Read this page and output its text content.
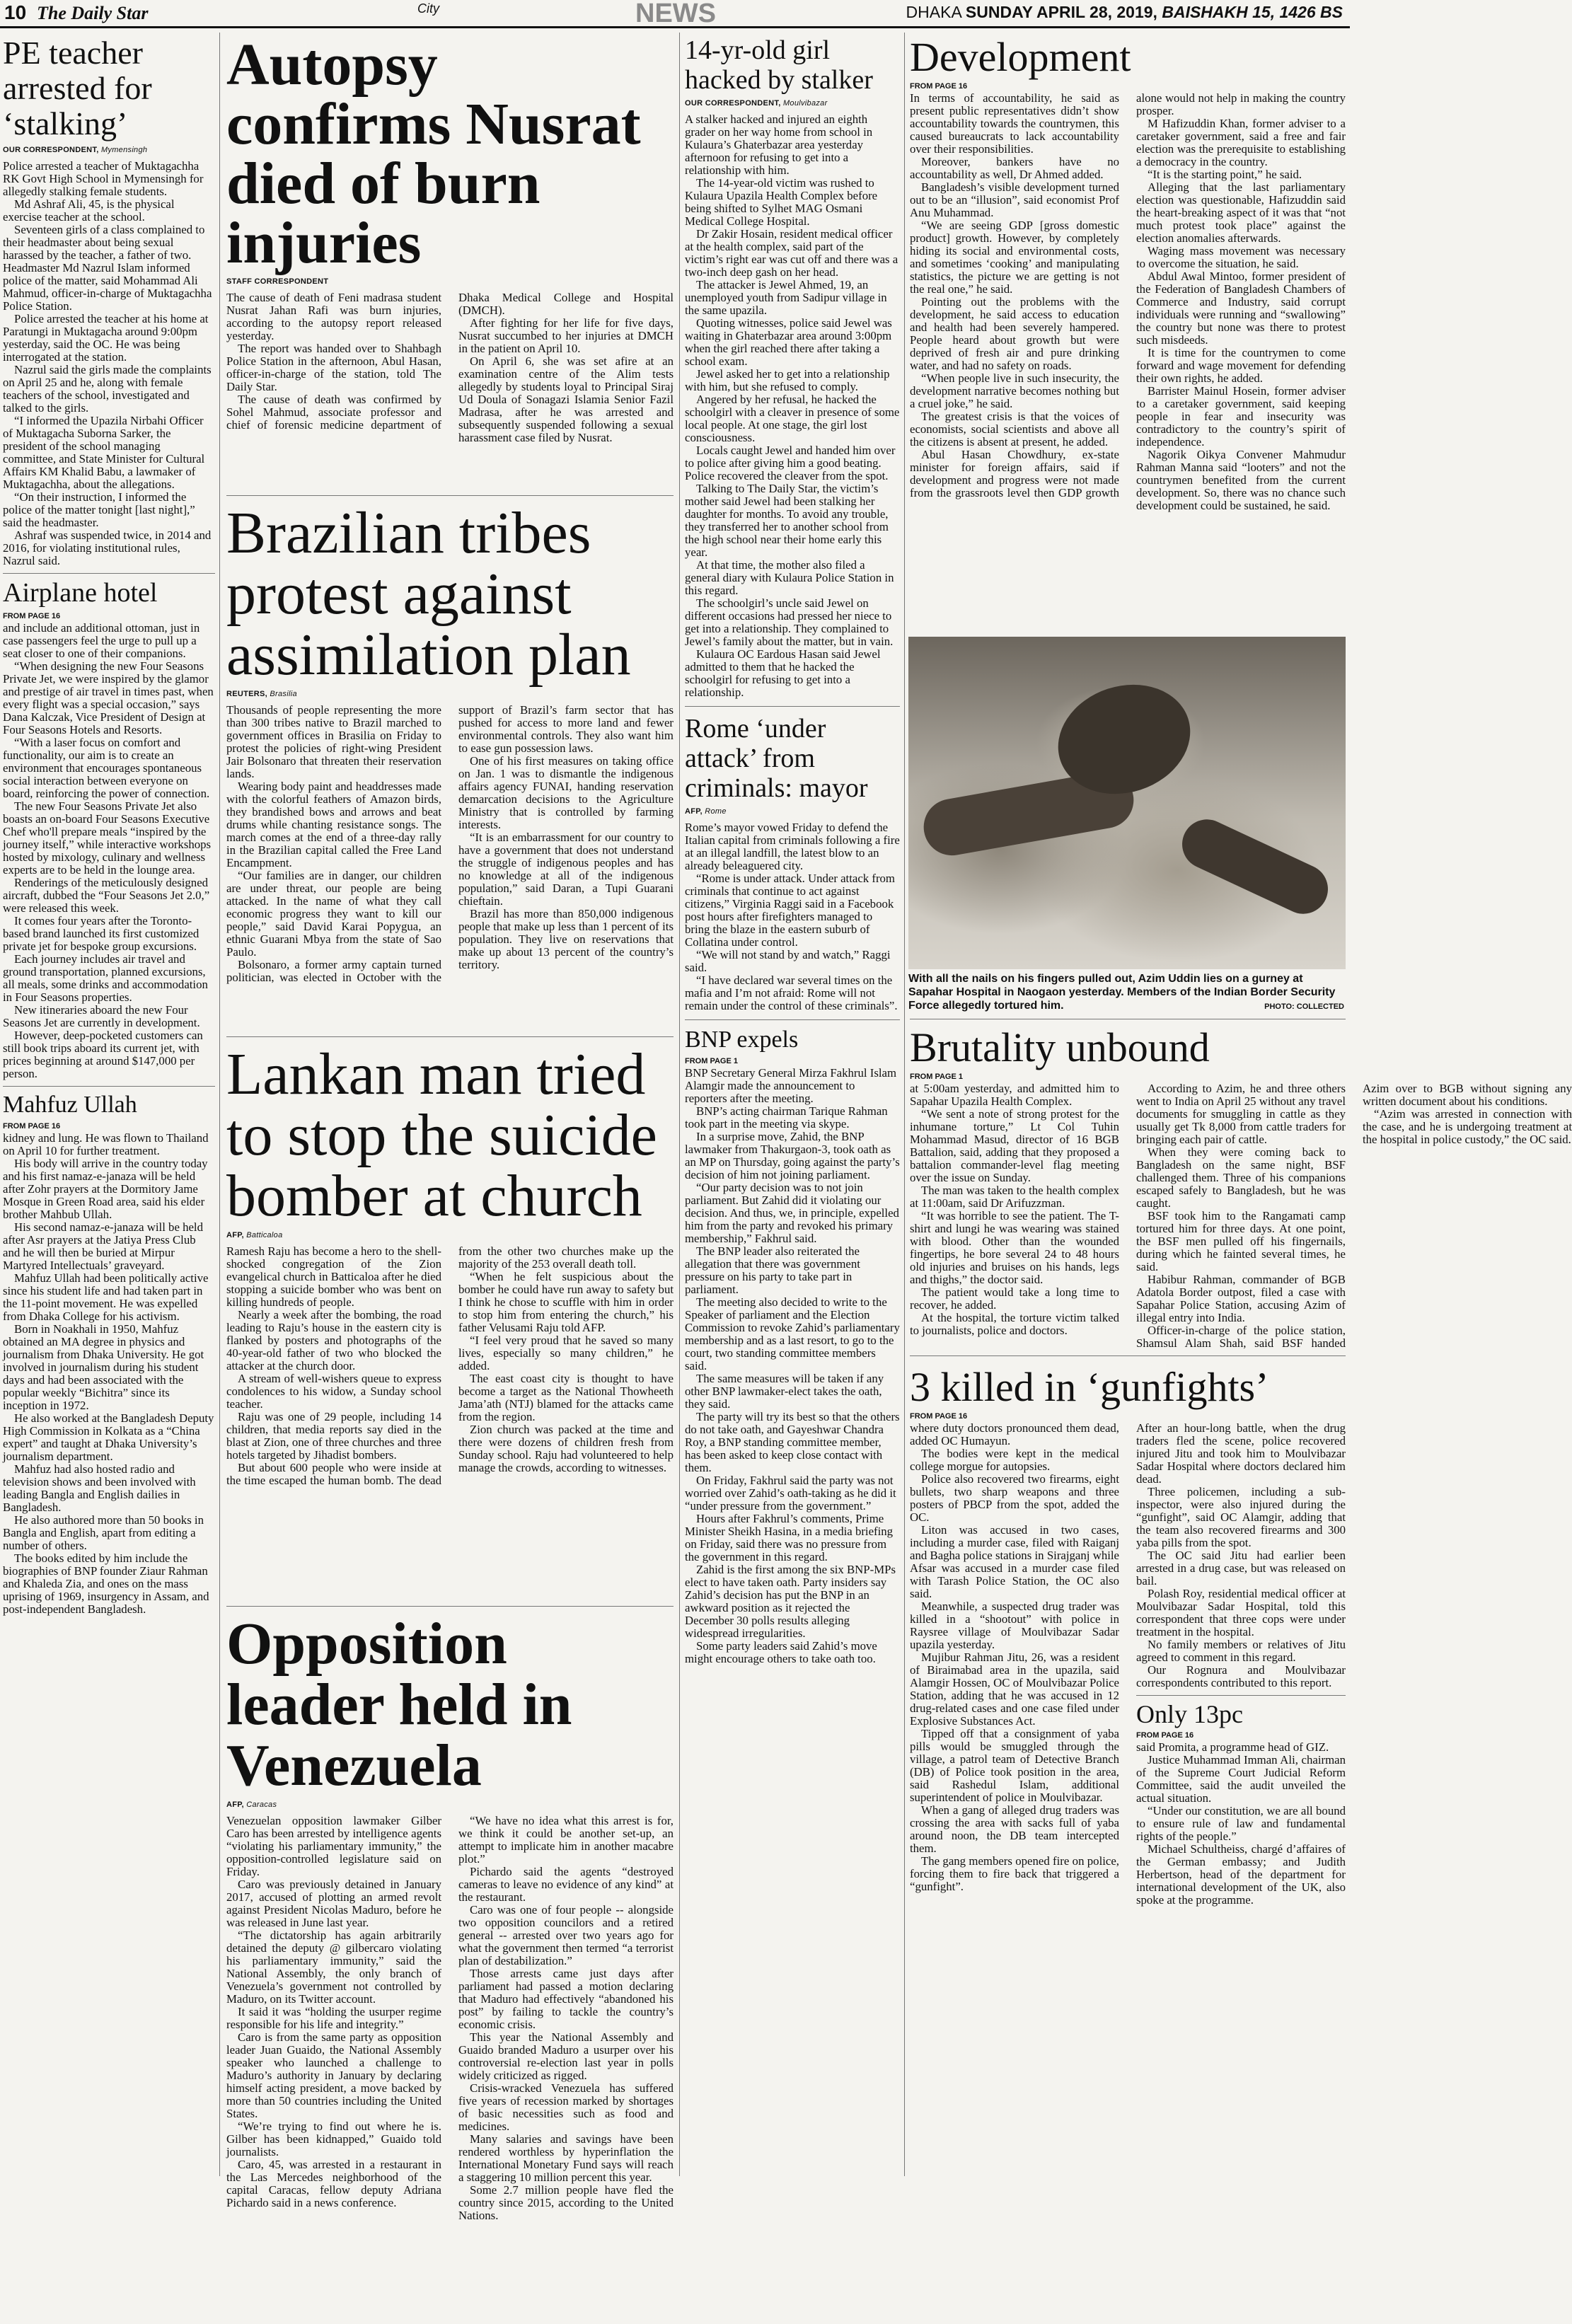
10 The Daily Star	City	NEWS	DHAKA SUNDAY APRIL 28, 2019, BAISHAKH 15, 1426 BS
PE teacher arrested for ‘stalking’
OUR CORRESPONDENT, Mymensingh

Police arrested a teacher of Muktagachha RK Govt High School in Mymensingh for allegedly stalking female students.

Md Ashraf Ali, 45, is the physical exercise teacher at the school.

Seventeen girls of a class complained to their headmaster about being sexual harassed by the teacher, a father of two. Headmaster Md Nazrul Islam informed police of the matter, said Mohammad Ali Mahmud, officer-in-charge of Muktagachha Police Station.

Police arrested the teacher at his home at Paratungi in Muktagacha around 9:00pm yesterday, said the OC. He was being interrogated at the station.

Nazrul said the girls made the complaints on April 25 and he, along with female teachers of the school, investigated and talked to the girls.

“I informed the Upazila Nirbahi Officer of Muktagacha Suborna Sarker, the president of the school managing committee, and State Minister for Cultural Affairs KM Khalid Babu, a lawmaker of Muktagachha, about the allegations.

“On their instruction, I informed the police of the matter tonight [last night],” said the headmaster.

Ashraf was suspended twice, in 2014 and 2016, for violating institutional rules, Nazrul said.

Airplane hotel
FROM PAGE 16

and include an additional ottoman, just in case passengers feel the urge to pull up a seat closer to one of their companions.

“When designing the new Four Seasons Private Jet, we were inspired by the glamor and prestige of air travel in times past, when every flight was a special occasion,” says Dana Kalczak, Vice President of Design at Four Seasons Hotels and Resorts.

“With a laser focus on comfort and functionality, our aim is to create an environment that encourages spontaneous social interaction between everyone on board, reinforcing the power of connection.

The new Four Seasons Private Jet also boasts an on-board Four Seasons Executive Chef who'll prepare meals “inspired by the journey itself,” while interactive workshops hosted by mixology, culinary and wellness experts are to be held in the lounge area.

Renderings of the meticulously designed aircraft, dubbed the “Four Seasons Jet 2.0,” were released this week.

It comes four years after the Toronto-based brand launched its first customized private jet for bespoke group excursions.

Each journey includes air travel and ground transportation, planned excursions, all meals, some drinks and accommodation in Four Seasons properties.

New itineraries aboard the new Four Seasons Jet are currently in development.

However, deep-pocketed customers can still book trips aboard its current jet, with prices beginning at around $147,000 per person.

Mahfuz Ullah
FROM PAGE 16

kidney and lung. He was flown to Thailand on April 10 for further treatment.

His body will arrive in the country today and his first namaz-e-janaza will be held after Zohr prayers at the Dormitory Jame Mosque in Green Road area, said his elder brother Mahbub Ullah.

His second namaz-e-janaza will be held after Asr prayers at the Jatiya Press Club and he will then be buried at Mirpur Martyred Intellectuals’ graveyard.

Mahfuz Ullah had been politically active since his student life and had taken part in the 11-point movement. He was expelled from Dhaka College for his activism.

Born in Noakhali in 1950, Mahfuz obtained an MA degree in physics and journalism from Dhaka University. He got involved in journalism during his student days and had been associated with the popular weekly “Bichitra” since its inception in 1972.

He also worked at the Bangladesh Deputy High Commission in Kolkata as a “China expert” and taught at Dhaka University’s journalism department.

Mahfuz had also hosted radio and television shows and been involved with leading Bangla and English dailies in Bangladesh.

He also authored more than 50 books in Bangla and English, apart from editing a number of others.

The books edited by him include the biographies of BNP founder Ziaur Rahman and Khaleda Zia, and ones on the mass uprising of 1969, insurgency in Assam, and post-independent Bangladesh.

Autopsy confirms Nusrat died of burn injuries
STAFF CORRESPONDENT

The cause of death of Feni madrasa student Nusrat Jahan Rafi was burn injuries, according to the autopsy report released yesterday.

The report was handed over to Shahbagh Police Station in the afternoon, Abul Hasan, officer-in-charge of the station, told The Daily Star.

The cause of death was confirmed by Sohel Mahmud, associate professor and chief of forensic medicine department of Dhaka Medical College and Hospital (DMCH).

After fighting for her life for five days, Nusrat succumbed to her injuries at DMCH in the patient on April 10.

On April 6, she was set afire at an examination centre of the Alim tests allegedly by students loyal to Principal Siraj Ud Doula of Sonagazi Islamia Senior Fazil Madrasa, after he was arrested and subsequently suspended following a sexual harassment case filed by Nusrat.

Brazilian tribes protest against assimilation plan
REUTERS, Brasilia

Thousands of people representing the more than 300 tribes native to Brazil marched to government offices in Brasilia on Friday to protest the policies of right-wing President Jair Bolsonaro that threaten their reservation lands.

Wearing body paint and headdresses made with the colorful feathers of Amazon birds, they brandished bows and arrows and beat drums while chanting resistance songs. The march comes at the end of a three-day rally in the Brazilian capital called the Free Land Encampment.

“Our families are in danger, our children are under threat, our people are being attacked. In the name of what they call economic progress they want to kill our people,” said David Karai Popygua, an ethnic Guarani Mbya from the state of Sao Paulo.

Bolsonaro, a former army captain turned politician, was elected in October with the support of Brazil’s farm sector that has pushed for access to more land and fewer environmental controls. They also want him to ease gun possession laws.

One of his first measures on taking office on Jan. 1 was to dismantle the indigenous affairs agency FUNAI, handing reservation demarcation decisions to the Agriculture Ministry that is controlled by farming interests.

“It is an embarrassment for our country to have a government that does not understand the struggle of indigenous peoples and has no knowledge at all of the indigenous population,” said Daran, a Tupi Guarani chieftain.

Brazil has more than 850,000 indigenous people that make up less than 1 percent of its population. They live on reservations that make up about 13 percent of the country’s territory.

Lankan man tried to stop the suicide bomber at church
AFP, Batticaloa

Ramesh Raju has become a hero to the shell-shocked congregation of the Zion evangelical church in Batticaloa after he died stopping a suicide bomber who was bent on killing hundreds of people.

Nearly a week after the bombing, the road leading to Raju’s house in the eastern city is flanked by posters and photographs of the 40-year-old father of two who blocked the attacker at the church door.

A stream of well-wishers queue to express condolences to his widow, a Sunday school teacher.

Raju was one of 29 people, including 14 children, that media reports say died in the blast at Zion, one of three churches and three hotels targeted by Jihadist bombers.

But about 600 people who were inside at the time escaped the human bomb. The dead from the other two churches make up the majority of the 253 overall death toll.

“When he felt suspicious about the bomber he could have run away to safety but I think he chose to scuffle with him in order to stop him from entering the church,” his father Velusami Raju told AFP.

“I feel very proud that he saved so many lives, especially so many children,” he added.

The east coast city is thought to have become a target as the National Thowheeth Jama’ath (NTJ) blamed for the attacks came from the region.

Zion church was packed at the time and there were dozens of children fresh from Sunday school. Raju had volunteered to help manage the crowds, according to witnesses.

Opposition leader held in Venezuela
AFP, Caracas

Venezuelan opposition lawmaker Gilber Caro has been arrested by intelligence agents “violating his parliamentary immunity,” the opposition-controlled legislature said on Friday.

Caro was previously detained in January 2017, accused of plotting an armed revolt against President Nicolas Maduro, before he was released in June last year.

“The dictatorship has again arbitrarily detained the deputy @ gilbercaro violating his parliamentary immunity,” said the National Assembly, the only branch of Venezuela’s government not controlled by Maduro, on its Twitter account.

It said it was “holding the usurper regime responsible for his life and integrity.”

Caro is from the same party as opposition leader Juan Guaido, the National Assembly speaker who launched a challenge to Maduro’s authority in January by declaring himself acting president, a move backed by more than 50 countries including the United States.

“We’re trying to find out where he is. Gilber has been kidnapped,” Guaido told journalists.

Caro, 45, was arrested in a restaurant in the Las Mercedes neighborhood of the capital Caracas, fellow deputy Adriana Pichardo said in a news conference.

“We have no idea what this arrest is for, we think it could be another set-up, an attempt to implicate him in another macabre plot.”

Pichardo said the agents “destroyed cameras to leave no evidence of any kind” at the restaurant.

Caro was one of four people -- alongside two opposition councilors and a retired general -- arrested over two years ago for what the government then termed “a terrorist plan of destabilization.”

Those arrests came just days after parliament had passed a motion declaring that Maduro had effectively “abandoned his post” by failing to tackle the country’s economic crisis.

This year the National Assembly and Guaido branded Maduro a usurper over his controversial re-election last year in polls widely criticized as rigged.

Crisis-wracked Venezuela has suffered five years of recession marked by shortages of basic necessities such as food and medicines.

Many salaries and savings have been rendered worthless by hyperinflation the International Monetary Fund says will reach a staggering 10 million percent this year.

Some 2.7 million people have fled the country since 2015, according to the United Nations.

14-yr-old girl hacked by stalker
OUR CORRESPONDENT, Moulvibazar

A stalker hacked and injured an eighth grader on her way home from school in Kulaura’s Ghaterbazar area yesterday afternoon for refusing to get into a relationship with him.

The 14-year-old victim was rushed to Kulaura Upazila Health Complex before being shifted to Sylhet MAG Osmani Medical College Hospital.

Dr Zakir Hosain, resident medical officer at the health complex, said part of the victim’s right ear was cut off and there was a two-inch deep gash on her head.

The attacker is Jewel Ahmed, 19, an unemployed youth from Sadipur village in the same upazila.

Quoting witnesses, police said Jewel was waiting in Ghaterbazar area around 3:00pm when the girl reached there after taking a school exam.

Jewel asked her to get into a relationship with him, but she refused to comply.

Angered by her refusal, he hacked the schoolgirl with a cleaver in presence of some local people. At one stage, the girl lost consciousness.

Locals caught Jewel and handed him over to police after giving him a good beating. Police recovered the cleaver from the spot.

Talking to The Daily Star, the victim’s mother said Jewel had been stalking her daughter for months. To avoid any trouble, they transferred her to another school from the high school near their home early this year.

At that time, the mother also filed a general diary with Kulaura Police Station in this regard.

The schoolgirl’s uncle said Jewel on different occasions had pressed her niece to get into a relationship. They complained to Jewel’s family about the matter, but in vain.

Kulaura OC Eardous Hasan said Jewel admitted to them that he hacked the schoolgirl for refusing to get into a relationship.

Rome ‘under attack’ from criminals: mayor
AFP, Rome

Rome’s mayor vowed Friday to defend the Italian capital from criminals following a fire at an illegal landfill, the latest blow to an already beleaguered city.

“Rome is under attack. Under attack from criminals that continue to act against citizens,” Virginia Raggi said in a Facebook post hours after firefighters managed to bring the blaze in the eastern suburb of Collatina under control.

“We will not stand by and watch,” Raggi said.

“I have declared war several times on the mafia and I’m not afraid: Rome will not remain under the control of these criminals”.

BNP expels
FROM PAGE 1

BNP Secretary General Mirza Fakhrul Islam Alamgir made the announcement to reporters after the meeting.

BNP’s acting chairman Tarique Rahman took part in the meeting via skype.

In a surprise move, Zahid, the BNP lawmaker from Thakurgaon-3, took oath as an MP on Thursday, going against the party’s decision of him not joining parliament.

“Our party decision was to not join parliament. But Zahid did it violating our decision. And thus, we, in principle, expelled him from the party and revoked his primary membership,” Fakhrul said.

The BNP leader also reiterated the allegation that there was government pressure on his party to take part in parliament.

The meeting also decided to write to the Speaker of parliament and the Election Commission to revoke Zahid’s parliamentary membership and as a last resort, to go to the court, two standing committee members said.

The same measures will be taken if any other BNP lawmaker-elect takes the oath, they said.

The party will try its best so that the others do not take oath, and Gayeshwar Chandra Roy, a BNP standing committee member, has been asked to keep close contact with them.

On Friday, Fakhrul said the party was not worried over Zahid’s oath-taking as he did it “under pressure from the government.”

Hours after Fakhrul’s comments, Prime Minister Sheikh Hasina, in a media briefing on Friday, said there was no pressure from the government in this regard.

Zahid is the first among the six BNP-MPs elect to have taken oath. Party insiders say Zahid’s decision has put the BNP in an awkward position as it rejected the December 30 polls results alleging widespread irregularities.

Some party leaders said Zahid’s move might encourage others to take oath too.

Development
FROM PAGE 16

In terms of accountability, he said as present public representatives didn’t show accountability towards the countrymen, this caused bureaucrats to lack accountability over their responsibilities.

Moreover, bankers have no accountability as well, Dr Ahmed added.

Bangladesh’s visible development turned out to be an “illusion”, said economist Prof Anu Muhammad.

“We are seeing GDP [gross domestic product] growth. However, by completely hiding its social and environmental costs, and sometimes ‘cooking’ and manipulating statistics, the picture we are getting is not the real one,” he said.

Pointing out the problems with the development, he said access to education and health had been severely hampered. People heard about growth but were deprived of fresh air and pure drinking water, and had no safety on roads.

“When people live in such insecurity, the development narrative becomes nothing but a cruel joke,” he said.

The greatest crisis is that the voices of economists, social scientists and above all the citizens is absent at present, he added.

Abul Hasan Chowdhury, ex-state minister for foreign affairs, said if development and progress were not made from the grassroots level then GDP growth alone would not help in making the country prosper.

M Hafizuddin Khan, former adviser to a caretaker government, said a free and fair election was the prerequisite to establishing a democracy in the country.

“It is the starting point,” he said.

Alleging that the last parliamentary election was questionable, Hafizuddin said the heart-breaking aspect of it was that “not much protest took place” against the election anomalies afterwards.

Waging mass movement was necessary to overcome the situation, he said.

Abdul Awal Mintoo, former president of the Federation of Bangladesh Chambers of Commerce and Industry, said corrupt individuals were running and “swallowing” the country but none was there to protest such misdeeds.

It is time for the countrymen to come forward and wage movement for defending their own rights, he added.

Barrister Mainul Hosein, former adviser to a caretaker government, said keeping people in fear and insecurity was contradictory to the country’s spirit of independence.

Nagorik Oikya Convener Mahmudur Rahman Manna said “looters” and not the countrymen benefited from the current development. So, there was no chance such development could be sustained, he said.

With all the nails on his fingers pulled out, Azim Uddin lies on a gurney at Sapahar Hospital in Naogaon yesterday. Members of the Indian Border Security Force allegedly tortured him.	PHOTO: COLLECTED
Brutality unbound
FROM PAGE 1

at 5:00am yesterday, and admitted him to Sapahar Upazila Health Complex.

“We sent a note of strong protest for the inhumane torture,” Lt Col Tuhin Mohammad Masud, director of 16 BGB Battalion, said, adding that they proposed a battalion commander-level flag meeting over the issue on Sunday.

The man was taken to the health complex at 11:00am, said Dr Arifuzzman.

“It was horrible to see the patient. The T-shirt and lungi he was wearing was stained with blood. Other than the wounded fingertips, he bore several 24 to 48 hours old injuries and bruises on his hands, legs and thighs,” the doctor said.

The patient would take a long time to recover, he added.

At the hospital, the torture victim talked to journalists, police and doctors.

According to Azim, he and three others went to India on April 25 without any travel documents for smuggling in cattle as they usually get Tk 8,000 from cattle traders for bringing each pair of cattle.

When they were coming back to Bangladesh on the same night, BSF challenged them. Three of his companions escaped safely to Bangladesh, but he was caught.

BSF took him to the Rangamati camp tortured him for three days. At one point, the BSF men pulled off his fingernails, during which he fainted several times, he said.

Habibur Rahman, commander of BGB Adatola Border outpost, filed a case with Sapahar Police Station, accusing Azim of illegal entry into India.

Officer-in-charge of the police station, Shamsul Alam Shah, said BSF handed Azim over to BGB without signing any written document about his conditions.

“Azim was arrested in connection with the case, and he is undergoing treatment at the hospital in police custody,” the OC said.

3 killed in ‘gunfights’
FROM PAGE 16

where duty doctors pronounced them dead, added OC Humayun.

The bodies were kept in the medical college morgue for autopsies.

Police also recovered two firearms, eight bullets, two sharp weapons and three posters of PBCP from the spot, added the OC.

Liton was accused in two cases, including a murder case, filed with Raiganj and Bagha police stations in Sirajganj while Afsar was accused in a murder case filed with Tarash Police Station, the OC also said.

Meanwhile, a suspected drug trader was killed in a “shootout” with police in Raysree village of Moulvibazar Sadar upazila yesterday.

Mujibur Rahman Jitu, 26, was a resident of Biraimabad area in the upazila, said Alamgir Hossen, OC of Moulvibazar Police Station, adding that he was accused in 12 drug-related cases and one case filed under Explosive Substances Act.

Tipped off that a consignment of yaba pills would be smuggled through the village, a patrol team of Detective Branch (DB) of Police took position in the area, said Rashedul Islam, additional superintendent of police in Moulvibazar.

When a gang of alleged drug traders was crossing the area with sacks full of yaba around noon, the DB team intercepted them.

The gang members opened fire on police, forcing them to fire back that triggered a “gunfight”.

After an hour-long battle, when the drug traders fled the scene, police recovered injured Jitu and took him to Moulvibazar Sadar Hospital where doctors declared him dead.

Three policemen, including a sub-inspector, were also injured during the “gunfight”, said OC Alamgir, adding that the team also recovered firearms and 300 yaba pills from the spot.

The OC said Jitu had earlier been arrested in a drug case, but was released on bail.

Polash Roy, residential medical officer at Moulvibazar Sadar Hospital, told this correspondent that three cops were under treatment in the hospital.

No family members or relatives of Jitu agreed to comment in this regard.

Our Rognura and Moulvibazar correspondents contributed to this report.

Only 13pc
FROM PAGE 16

said Promita, a programme head of GIZ.

Justice Muhammad Imman Ali, chairman of the Supreme Court Judicial Reform Committee, said the audit unveiled the actual situation.

“Under our constitution, we are all bound to ensure rule of law and fundamental rights of the people.”

Michael Schultheiss, chargé d’affaires of the German embassy; and Judith Herbertson, head of the department for international development of the UK, also spoke at the programme.
